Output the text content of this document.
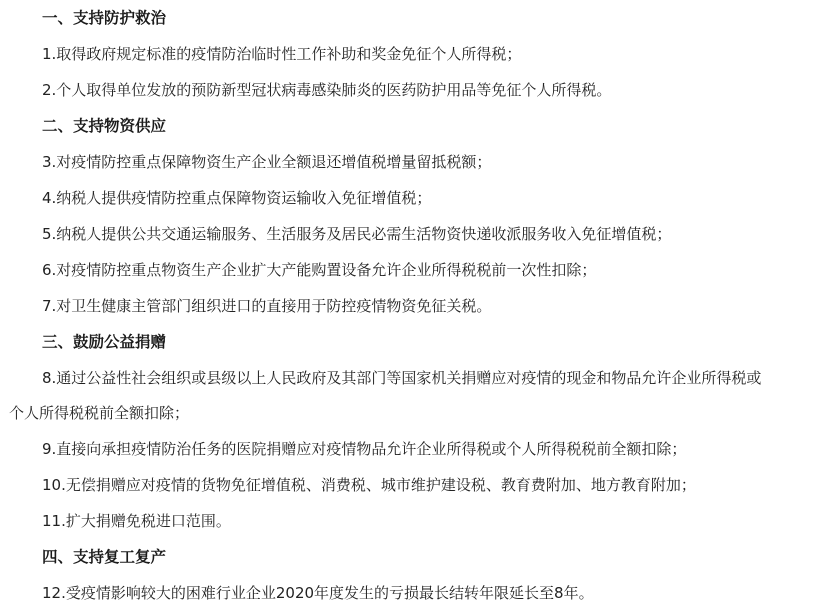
一、支持防护救治
1.取得政府规定标准的疫情防治临时性工作补助和奖金免征个人所得税；
2.个人取得单位发放的预防新型冠状病毒感染肺炎的医药防护用品等免征个人所得税。
二、支持物资供应
3.对疫情防控重点保障物资生产企业全额退还增值税增量留抵税额；
4.纳税人提供疫情防控重点保障物资运输收入免征增值税；
5.纳税人提供公共交通运输服务、生活服务及居民必需生活物资快递收派服务收入免征增值税；
6.对疫情防控重点物资生产企业扩大产能购置设备允许企业所得税税前一次性扣除；
7.对卫生健康主管部门组织进口的直接用于防控疫情物资免征关税。
三、鼓励公益捐赠
8.通过公益性社会组织或县级以上人民政府及其部门等国家机关捐赠应对疫情的现金和物品允许企业所得税或
个人所得税税前全额扣除；
9.直接向承担疫情防治任务的医院捐赠应对疫情物品允许企业所得税或个人所得税税前全额扣除；
10.无偿捐赠应对疫情的货物免征增值税、消费税、城市维护建设税、教育费附加、地方教育附加；
11.扩大捐赠免税进口范围。
四、支持复工复产
12.受疫情影响较大的困难行业企业2020年度发生的亏损最长结转年限延长至8年。
